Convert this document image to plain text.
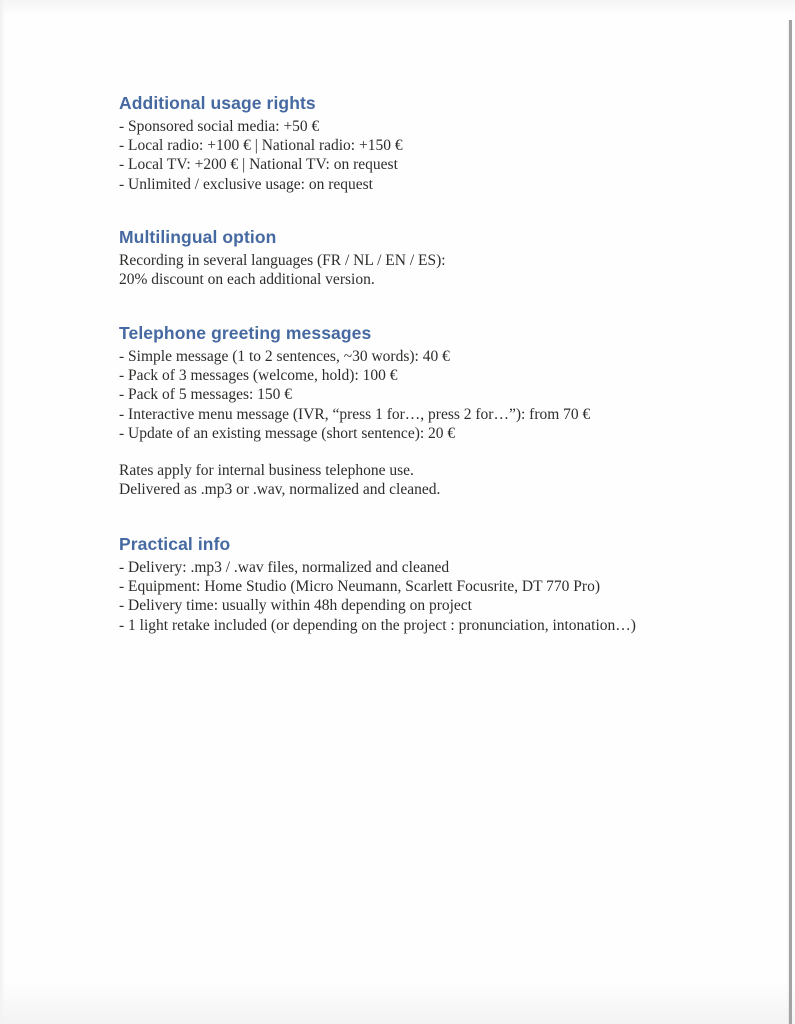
Additional usage rights

- Sponsored social media: +50 €

- Local radio: +100 € | National radio: +150 €

- Local TV: +200 € | National TV: on request

- Unlimited / exclusive usage: on request

Multilingual option

Recording in several languages (FR / NL / EN / ES):

20% discount on each additional version.

Telephone greeting messages

- Simple message (1 to 2 sentences, ~30 words): 40 €

- Pack of 3 messages (welcome, hold): 100 €

- Pack of 5 messages: 150 €

- Interactive menu message (IVR, “press 1 for…, press 2 for…”): from 70 €

- Update of an existing message (short sentence): 20 €

Rates apply for internal business telephone use.

Delivered as .mp3 or .wav, normalized and cleaned.

Practical info

- Delivery: .mp3 / .wav files, normalized and cleaned

- Equipment: Home Studio (Micro Neumann, Scarlett Focusrite, DT 770 Pro)

- Delivery time: usually within 48h depending on project

- 1 light retake included (or depending on the project : pronunciation, intonation…)
